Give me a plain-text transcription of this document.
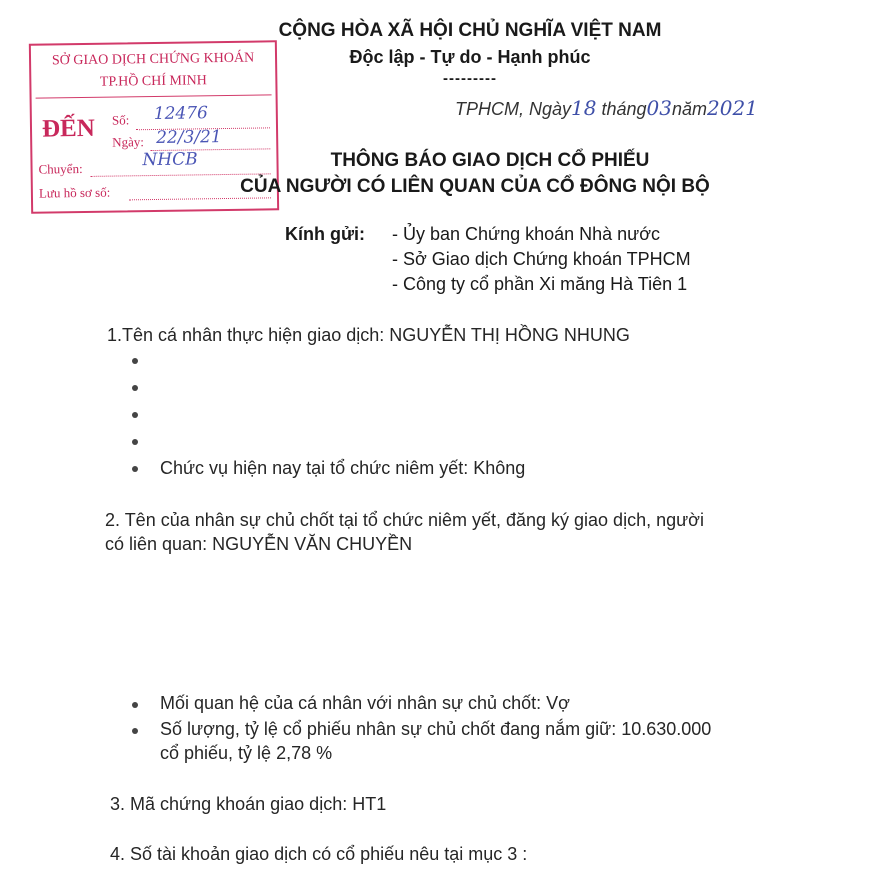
CỘNG HÒA XÃ HỘI CHỦ NGHĨA VIỆT NAM
Độc lập - Tự do - Hạnh phúc
---------
TPHCM, Ngày18 tháng03năm2021
SỞ GIAO DỊCH CHỨNG KHOÁN
TP.HỒ CHÍ MINH
ĐẾN Số: 12476
Ngày: 22/3/21
Chuyển:	NHCB
Lưu hồ sơ số:
THÔNG BÁO GIAO DỊCH CỔ PHIẾU
CỦA NGƯỜI CÓ LIÊN QUAN CỦA CỔ ĐÔNG NỘI BỘ
Kính gửi: - Ủy ban Chứng khoán Nhà nước
- Sở Giao dịch Chứng khoán TPHCM
- Công ty cổ phần Xi măng Hà Tiên 1
1.Tên cá nhân thực hiện giao dịch: NGUYỄN THỊ HỒNG NHUNG
Chức vụ hiện nay tại tổ chức niêm yết: Không
2. Tên của nhân sự chủ chốt tại tổ chức niêm yết, đăng ký giao dịch, người
có liên quan: NGUYỄN VĂN CHUYỀN
Mối quan hệ của cá nhân với nhân sự chủ chốt: Vợ
Số lượng, tỷ lệ cổ phiếu nhân sự chủ chốt đang nắm giữ: 10.630.000
cổ phiếu, tỷ lệ 2,78 %
3. Mã chứng khoán giao dịch: HT1
4. Số tài khoản giao dịch có cổ phiếu nêu tại mục 3 :
